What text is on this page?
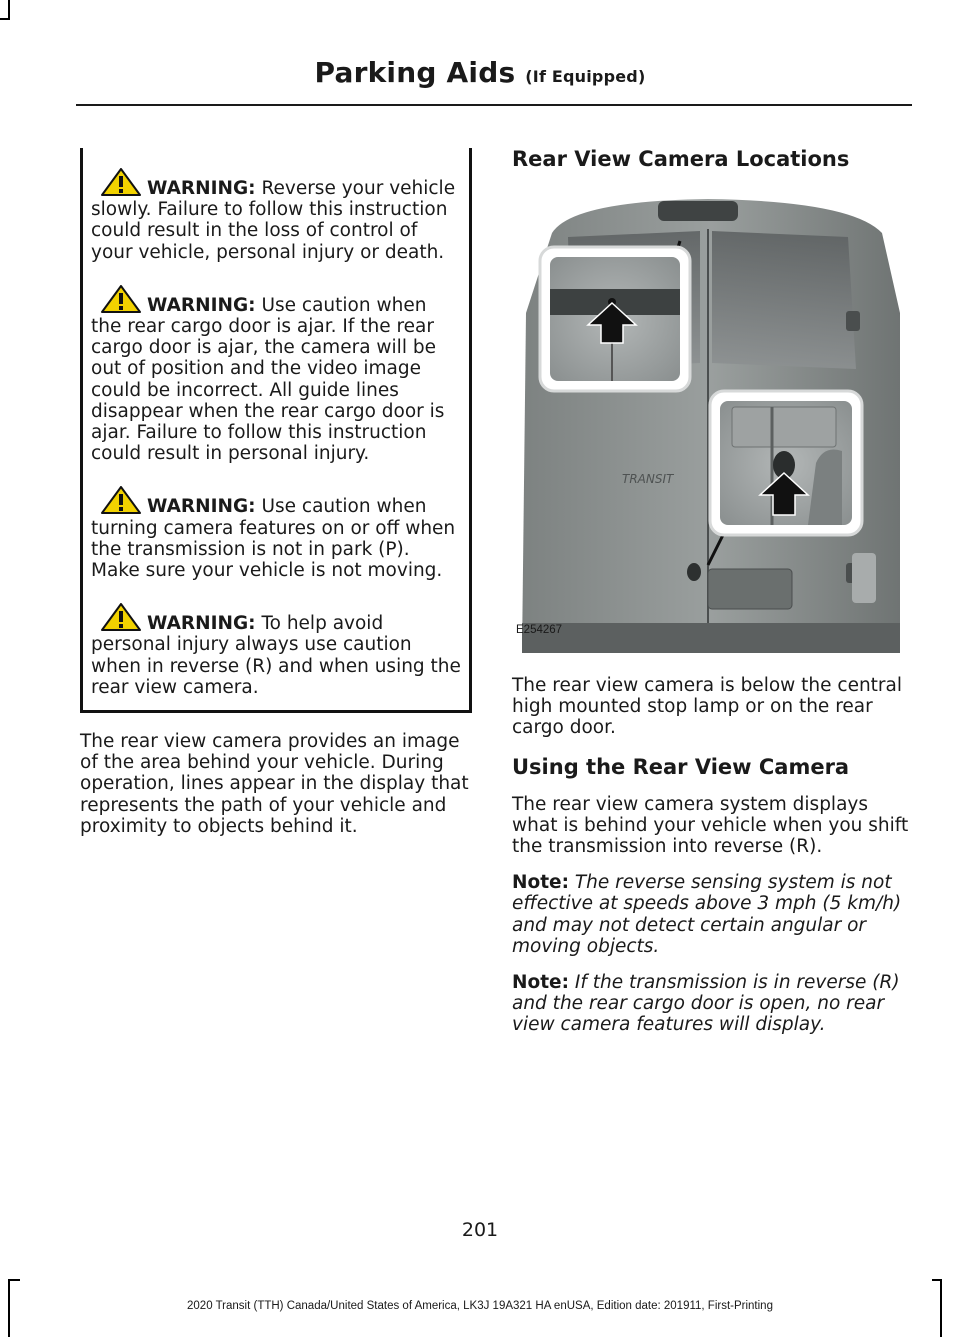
Parking Aids (If Equipped)

WARNING: Reverse your vehicle slowly. Failure to follow this instruction could result in the loss of control of your vehicle, personal injury or death.

WARNING: Use caution when the rear cargo door is ajar. If the rear cargo door is ajar, the camera will be out of position and the video image could be incorrect. All guide lines disappear when the rear cargo door is ajar. Failure to follow this instruction could result in personal injury.

WARNING: Use caution when turning camera features on or off when the transmission is not in park (P). Make sure your vehicle is not moving.

WARNING: To help avoid personal injury always use caution when in reverse (R) and when using the rear view camera.

The rear view camera provides an image of the area behind your vehicle. During operation, lines appear in the display that represents the path of your vehicle and proximity to objects behind it.

Rear View Camera Locations
TRANSIT
E254267

The rear view camera is below the central high mounted stop lamp or on the rear cargo door.

Using the Rear View Camera

The rear view camera system displays what is behind your vehicle when you shift the transmission into reverse (R).

Note: The reverse sensing system is not effective at speeds above 3 mph (5 km/h) and may not detect certain angular or moving objects.

Note: If the transmission is in reverse (R) and the rear cargo door is open, no rear view camera features will display.

201
2020 Transit (TTH) Canada/United States of America, LK3J 19A321 HA enUSA, Edition date: 201911, First-Printing
